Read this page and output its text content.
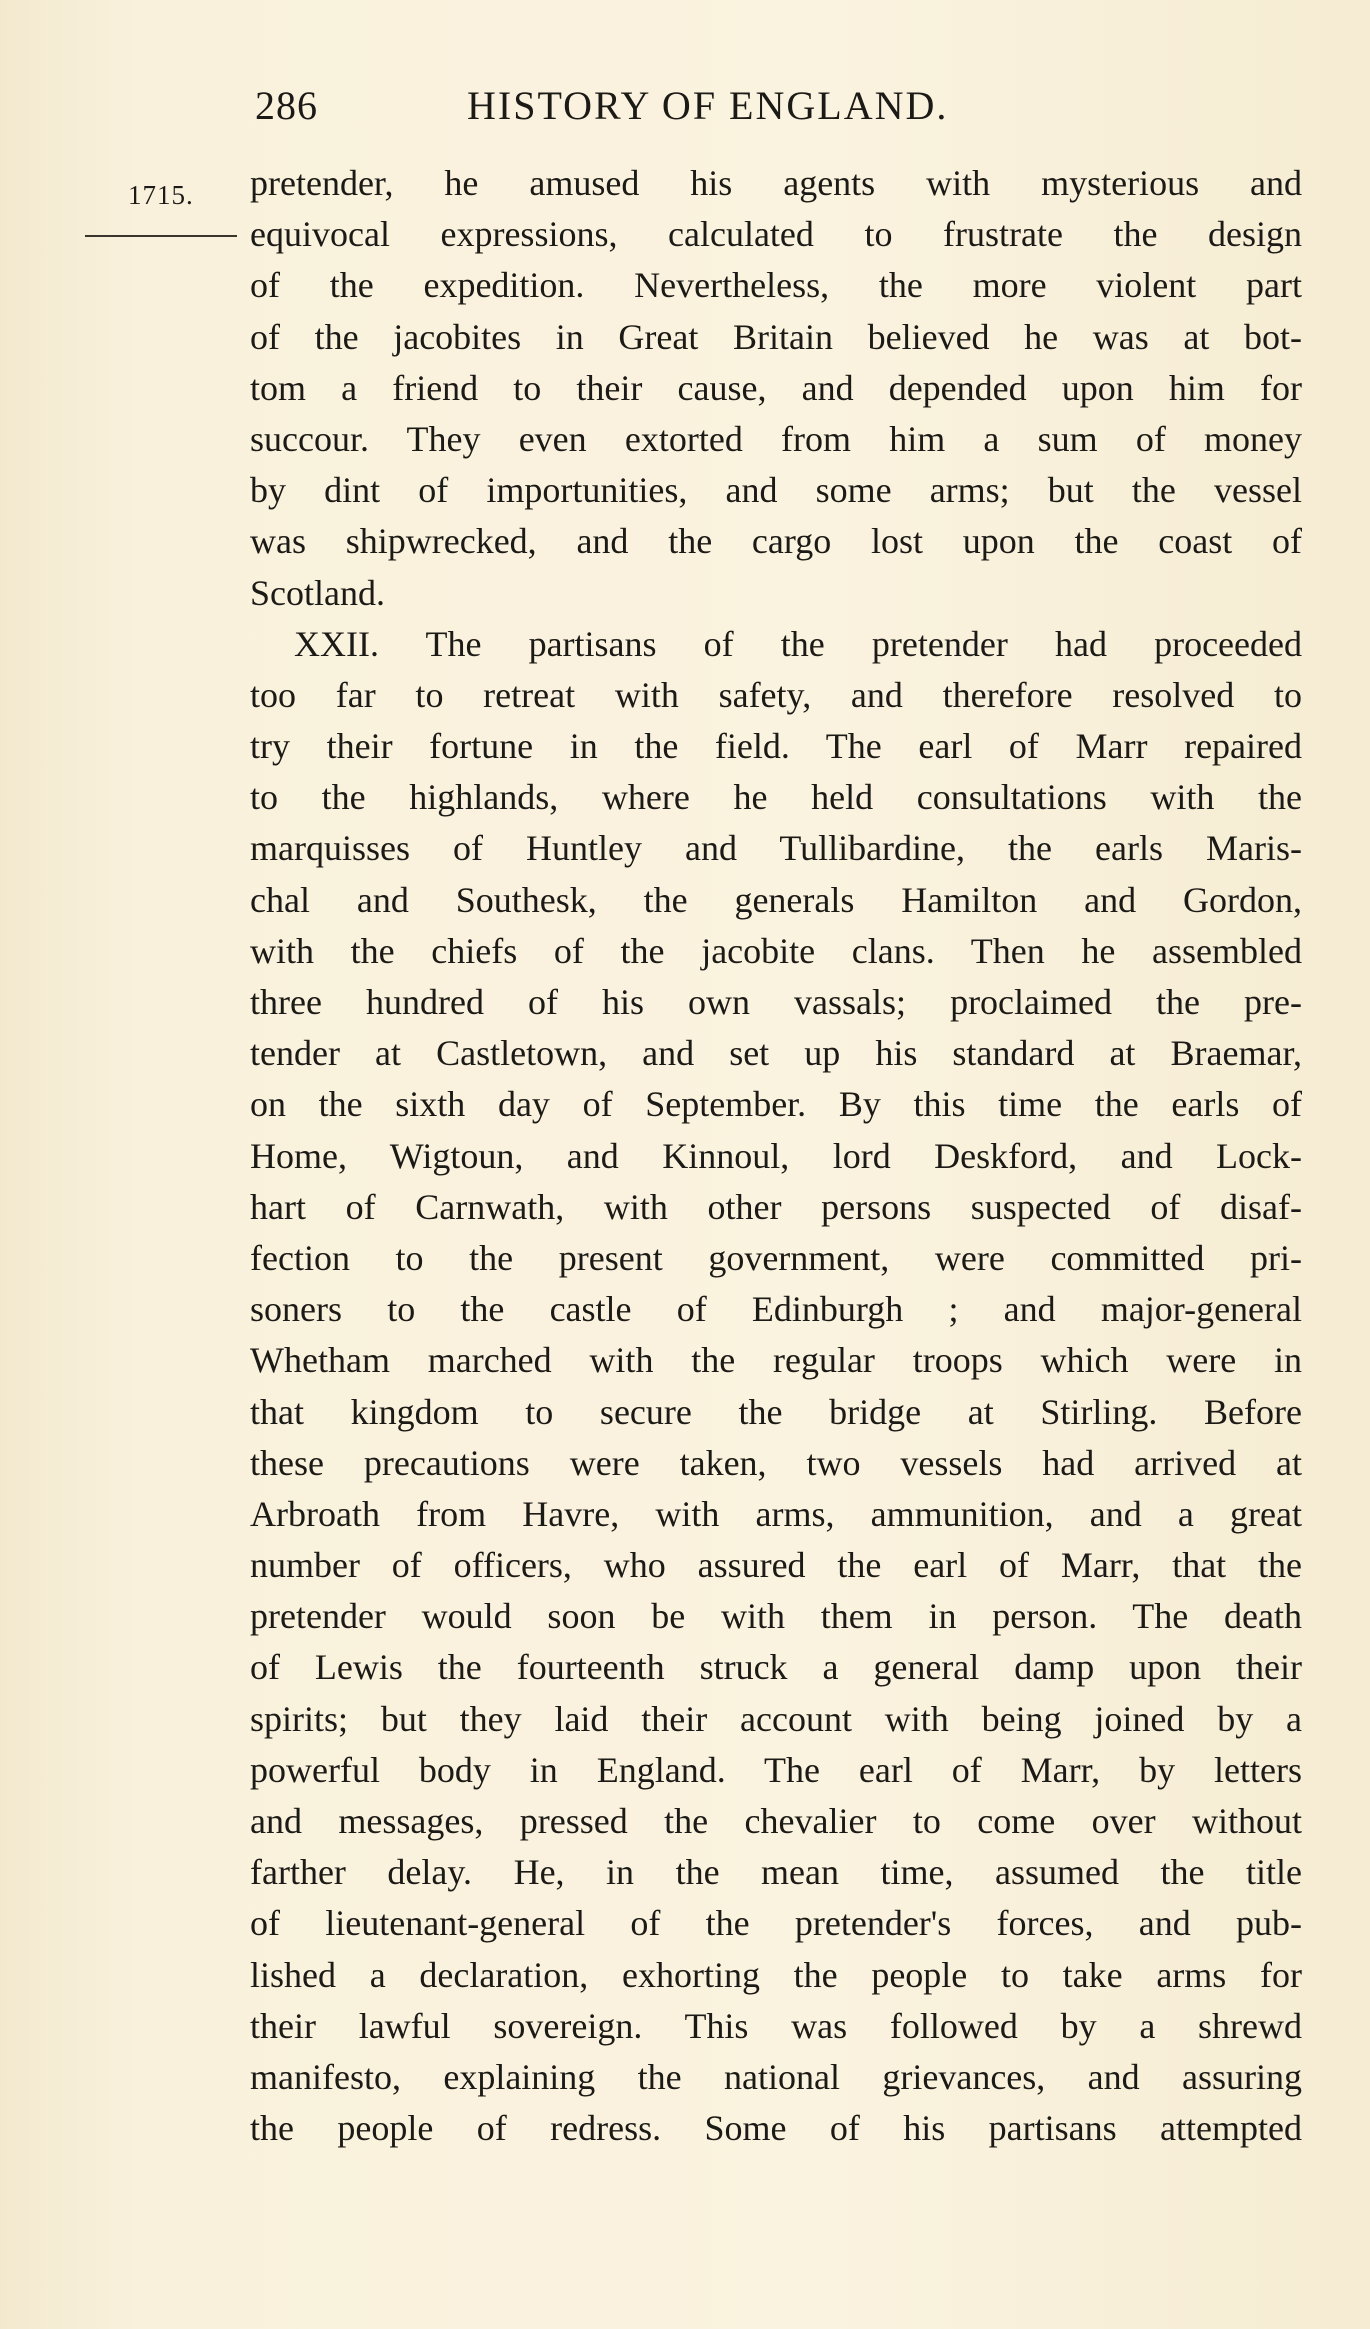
286	HISTORY OF ENGLAND.
1715. pretender, he amused his agents with mysterious and
equivocal expressions, calculated to frustrate the design
of the expedition. Nevertheless, the more violent part
of the jacobites in Great Britain believed he was at bot-
tom a friend to their cause, and depended upon him for
succour. They even extorted from him a sum of money
by dint of importunities, and some arms; but the vessel
was shipwrecked, and the cargo lost upon the coast of
Scotland.
XXII. The partisans of the pretender had proceeded
too far to retreat with safety, and therefore resolved to
try their fortune in the field. The earl of Marr repaired
to the highlands, where he held consultations with the
marquisses of Huntley and Tullibardine, the earls Maris-
chal and Southesk, the generals Hamilton and Gordon,
with the chiefs of the jacobite clans. Then he assembled
three hundred of his own vassals; proclaimed the pre-
tender at Castletown, and set up his standard at Braemar,
on the sixth day of September. By this time the earls of
Home, Wigtoun, and Kinnoul, lord Deskford, and Lock-
hart of Carnwath, with other persons suspected of disaf-
fection to the present government, were committed pri-
soners to the castle of Edinburgh ; and major-general
Whetham marched with the regular troops which were in
that kingdom to secure the bridge at Stirling. Before
these precautions were taken, two vessels had arrived at
Arbroath from Havre, with arms, ammunition, and a great
number of officers, who assured the earl of Marr, that the
pretender would soon be with them in person. The death
of Lewis the fourteenth struck a general damp upon their
spirits; but they laid their account with being joined by a
powerful body in England. The earl of Marr, by letters
and messages, pressed the chevalier to come over without
farther delay. He, in the mean time, assumed the title
of lieutenant-general of the pretender's forces, and pub-
lished a declaration, exhorting the people to take arms for
their lawful sovereign. This was followed by a shrewd
manifesto, explaining the national grievances, and assuring
the people of redress. Some of his partisans attempted
